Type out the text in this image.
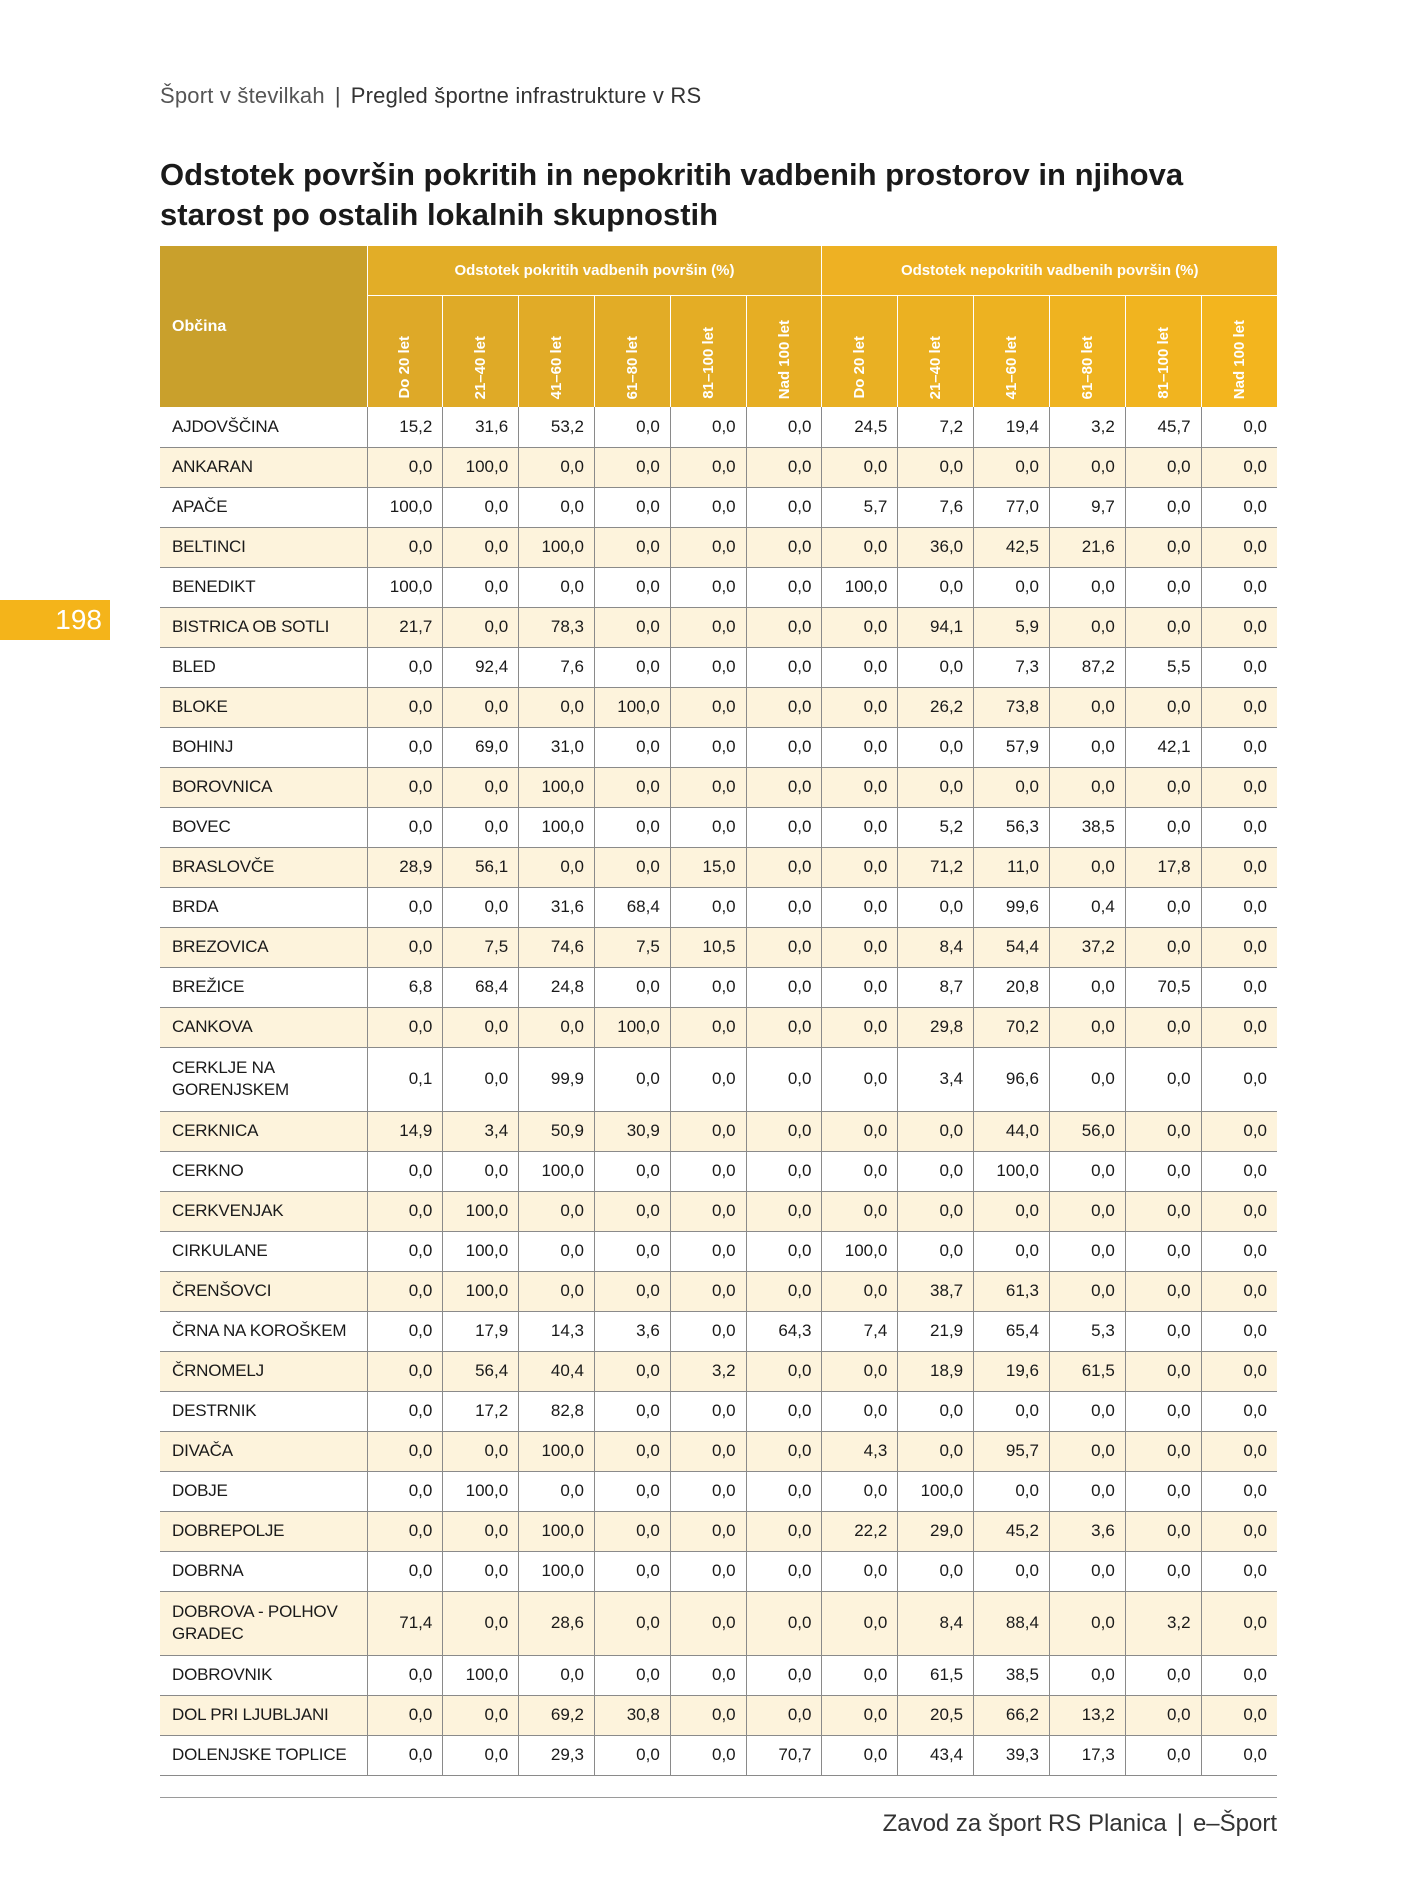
Šport v številkah | Pregled športne infrastrukture v RS
Odstotek površin pokritih in nepokritih vadbenih prostorov in njihova starost po ostalih lokalnih skupnostih
198
Občina	Odstotek pokritih vadbenih površin (%)						Odstotek nepokritih vadbenih površin (%)					

	Do 20 let	21–40 let	41–60 let	61–80 let	81–100 let	Nad 100 let	Do 20 let	21–40 let	41–60 let	61–80 let	81–100 let	Nad 100 let

AJDOVŠČINA	15,2	31,6	53,2	0,0	0,0	0,0	24,5	7,2	19,4	3,2	45,7	0,0
ANKARAN	0,0	100,0	0,0	0,0	0,0	0,0	0,0	0,0	0,0	0,0	0,0	0,0
APAČE	100,0	0,0	0,0	0,0	0,0	0,0	5,7	7,6	77,0	9,7	0,0	0,0
BELTINCI	0,0	0,0	100,0	0,0	0,0	0,0	0,0	36,0	42,5	21,6	0,0	0,0
BENEDIKT	100,0	0,0	0,0	0,0	0,0	0,0	100,0	0,0	0,0	0,0	0,0	0,0
BISTRICA OB SOTLI	21,7	0,0	78,3	0,0	0,0	0,0	0,0	94,1	5,9	0,0	0,0	0,0
BLED	0,0	92,4	7,6	0,0	0,0	0,0	0,0	0,0	7,3	87,2	5,5	0,0
BLOKE	0,0	0,0	0,0	100,0	0,0	0,0	0,0	26,2	73,8	0,0	0,0	0,0
BOHINJ	0,0	69,0	31,0	0,0	0,0	0,0	0,0	0,0	57,9	0,0	42,1	0,0
BOROVNICA	0,0	0,0	100,0	0,0	0,0	0,0	0,0	0,0	0,0	0,0	0,0	0,0
BOVEC	0,0	0,0	100,0	0,0	0,0	0,0	0,0	5,2	56,3	38,5	0,0	0,0
BRASLOVČE	28,9	56,1	0,0	0,0	15,0	0,0	0,0	71,2	11,0	0,0	17,8	0,0
BRDA	0,0	0,0	31,6	68,4	0,0	0,0	0,0	0,0	99,6	0,4	0,0	0,0
BREZOVICA	0,0	7,5	74,6	7,5	10,5	0,0	0,0	8,4	54,4	37,2	0,0	0,0
BREŽICE	6,8	68,4	24,8	0,0	0,0	0,0	0,0	8,7	20,8	0,0	70,5	0,0
CANKOVA	0,0	0,0	0,0	100,0	0,0	0,0	0,0	29,8	70,2	0,0	0,0	0,0
CERKLJE NA GORENJSKEM	0,1	0,0	99,9	0,0	0,0	0,0	0,0	3,4	96,6	0,0	0,0	0,0
CERKNICA	14,9	3,4	50,9	30,9	0,0	0,0	0,0	0,0	44,0	56,0	0,0	0,0
CERKNO	0,0	0,0	100,0	0,0	0,0	0,0	0,0	0,0	100,0	0,0	0,0	0,0
CERKVENJAK	0,0	100,0	0,0	0,0	0,0	0,0	0,0	0,0	0,0	0,0	0,0	0,0
CIRKULANE	0,0	100,0	0,0	0,0	0,0	0,0	100,0	0,0	0,0	0,0	0,0	0,0
ČRENŠOVCI	0,0	100,0	0,0	0,0	0,0	0,0	0,0	38,7	61,3	0,0	0,0	0,0
ČRNA NA KOROŠKEM	0,0	17,9	14,3	3,6	0,0	64,3	7,4	21,9	65,4	5,3	0,0	0,0
ČRNOMELJ	0,0	56,4	40,4	0,0	3,2	0,0	0,0	18,9	19,6	61,5	0,0	0,0
DESTRNIK	0,0	17,2	82,8	0,0	0,0	0,0	0,0	0,0	0,0	0,0	0,0	0,0
DIVAČA	0,0	0,0	100,0	0,0	0,0	0,0	4,3	0,0	95,7	0,0	0,0	0,0
DOBJE	0,0	100,0	0,0	0,0	0,0	0,0	0,0	100,0	0,0	0,0	0,0	0,0
DOBREPOLJE	0,0	0,0	100,0	0,0	0,0	0,0	22,2	29,0	45,2	3,6	0,0	0,0
DOBRNA	0,0	0,0	100,0	0,0	0,0	0,0	0,0	0,0	0,0	0,0	0,0	0,0
DOBROVA - POLHOV GRADEC	71,4	0,0	28,6	0,0	0,0	0,0	0,0	8,4	88,4	0,0	3,2	0,0
DOBROVNIK	0,0	100,0	0,0	0,0	0,0	0,0	0,0	61,5	38,5	0,0	0,0	0,0
DOL PRI LJUBLJANI	0,0	0,0	69,2	30,8	0,0	0,0	0,0	20,5	66,2	13,2	0,0	0,0
DOLENJSKE TOPLICE	0,0	0,0	29,3	0,0	0,0	70,7	0,0	43,4	39,3	17,3	0,0	0,0
Zavod za šport RS Planica | e–Šport
